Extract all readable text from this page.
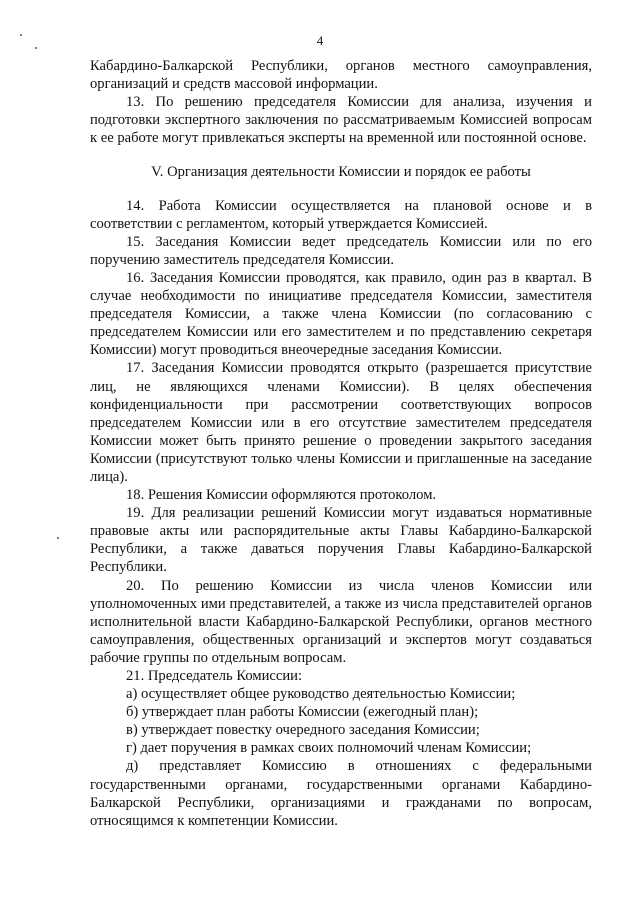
4

Кабардино-Балкарской Республики, органов местного самоуправления, организаций и средств массовой информации.

13. По решению председателя Комиссии для анализа, изучения и подготовки экспертного заключения по рассматриваемым Комиссией вопросам к ее работе могут привлекаться эксперты на временной или постоянной основе.

V. Организация деятельности Комиссии и порядок ее работы

14. Работа Комиссии осуществляется на плановой основе и в соответствии с регламентом, который утверждается Комиссией.

15. Заседания Комиссии ведет председатель Комиссии или по его поручению заместитель председателя Комиссии.

16. Заседания Комиссии проводятся, как правило, один раз в квартал. В случае необходимости по инициативе председателя Комиссии, заместителя председателя Комиссии, а также члена Комиссии (по согласованию с председателем Комиссии или его заместителем и по представлению секретаря Комиссии) могут проводиться внеочередные заседания Комиссии.

17. Заседания Комиссии проводятся открыто (разрешается присутствие лиц, не являющихся членами Комиссии). В целях обеспечения конфиденциальности при рассмотрении соответствующих вопросов председателем Комиссии или в его отсутствие заместителем председателя Комиссии может быть принято решение о проведении закрытого заседания Комиссии (присутствуют только члены Комиссии и приглашенные на заседание лица).

18. Решения Комиссии оформляются протоколом.

19. Для реализации решений Комиссии могут издаваться нормативные правовые акты или распорядительные акты Главы Кабардино-Балкарской Республики, а также даваться поручения Главы Кабардино-Балкарской Республики.

20. По решению Комиссии из числа членов Комиссии или уполномоченных ими представителей, а также из числа представителей органов исполнительной власти Кабардино-Балкарской Республики, органов местного самоуправления, общественных организаций и экспертов могут создаваться рабочие группы по отдельным вопросам.

21. Председатель Комиссии:

а) осуществляет общее руководство деятельностью Комиссии;

б) утверждает план работы Комиссии (ежегодный план);

в) утверждает повестку очередного заседания Комиссии;

г) дает поручения в рамках своих полномочий членам Комиссии;

д) представляет Комиссию в отношениях с федеральными государственными органами, государственными органами Кабардино-Балкарской Республики, организациями и гражданами по вопросам, относящимся к компетенции Комиссии.
